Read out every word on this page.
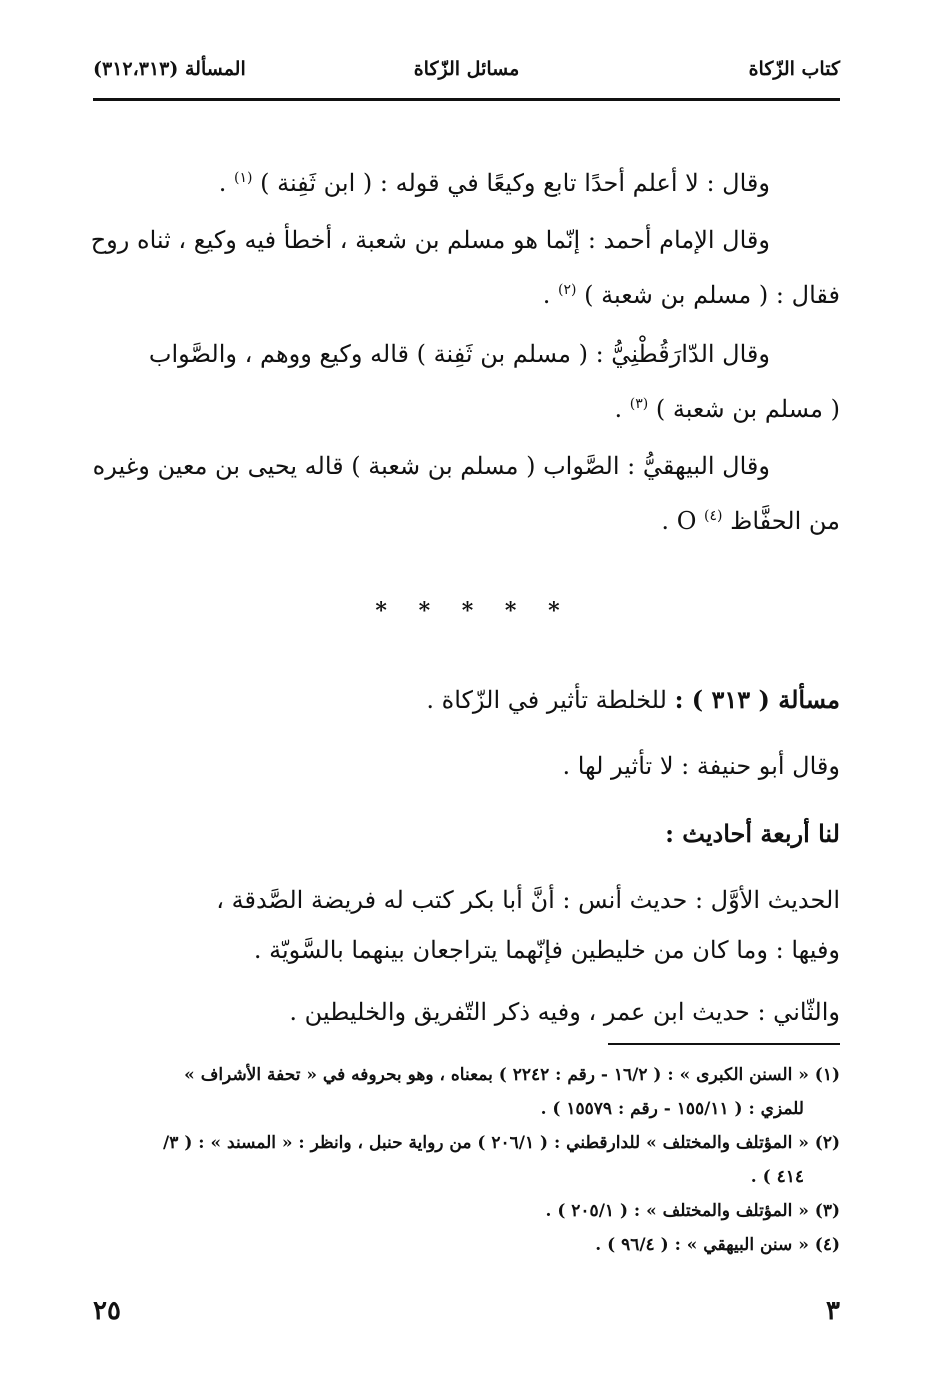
كتاب الزّكاة
مسائل الزّكاة
المسألة (٣١٢،٣١٣)

وقال : لا أعلم أحدًا تابع وكيعًا في قوله : ( ابن ثَفِنة ) $^{(١)}$ .

وقال الإمام أحمد : إنّما هو مسلم بن شعبة ، أخطأ فيه وكيع ، ثناه روح

فقال : ( مسلم بن شعبة ) $^{(٢)}$ .

وقال الدّارَقُطْنِيُّ : ( مسلم بن ثَفِنة ) قاله وكيع ووهم ، والصَّواب

( مسلم بن شعبة ) $^{(٣)}$ .

وقال البيهقيُّ : الصَّواب ( مسلم بن شعبة ) قاله يحيى بن معين وغيره

من الحفَّاظ $^{(٤)}$ O .

* * * * *

مسألة ( ٣١٣ ) : للخلطة تأثير في الزّكاة .

وقال أبو حنيفة : لا تأثير لها .

لنا أربعة أحاديث :

الحديث الأوَّل : حديث أنس : أنَّ أبا بكر كتب له فريضة الصَّدقة ،

وفيها : وما كان من خليطين فإنّهما يتراجعان بينهما بالسَّويّة .

والثّاني : حديث ابن عمر ، وفيه ذكر التّفريق والخليطين .

(١) « السنن الكبرى » : ( ١٦/٢ - رقم : ٢٢٤٢ ) بمعناه ، وهو بحروفه في « تحفة الأشراف »

للمزي : ( ١٥٥/١١ - رقم : ١٥٥٧٩ ) .

(٢) « المؤتلف والمختلف » للدارقطني : ( ٢٠٦/١ ) من رواية حنبل ، وانظر : « المسند » : ( ٣/

٤١٤ ) .

(٣) « المؤتلف والمختلف » : ( ٢٠٥/١ ) .

(٤) « سنن البيهقي » : ( ٩٦/٤ ) .

٣
٢٥
